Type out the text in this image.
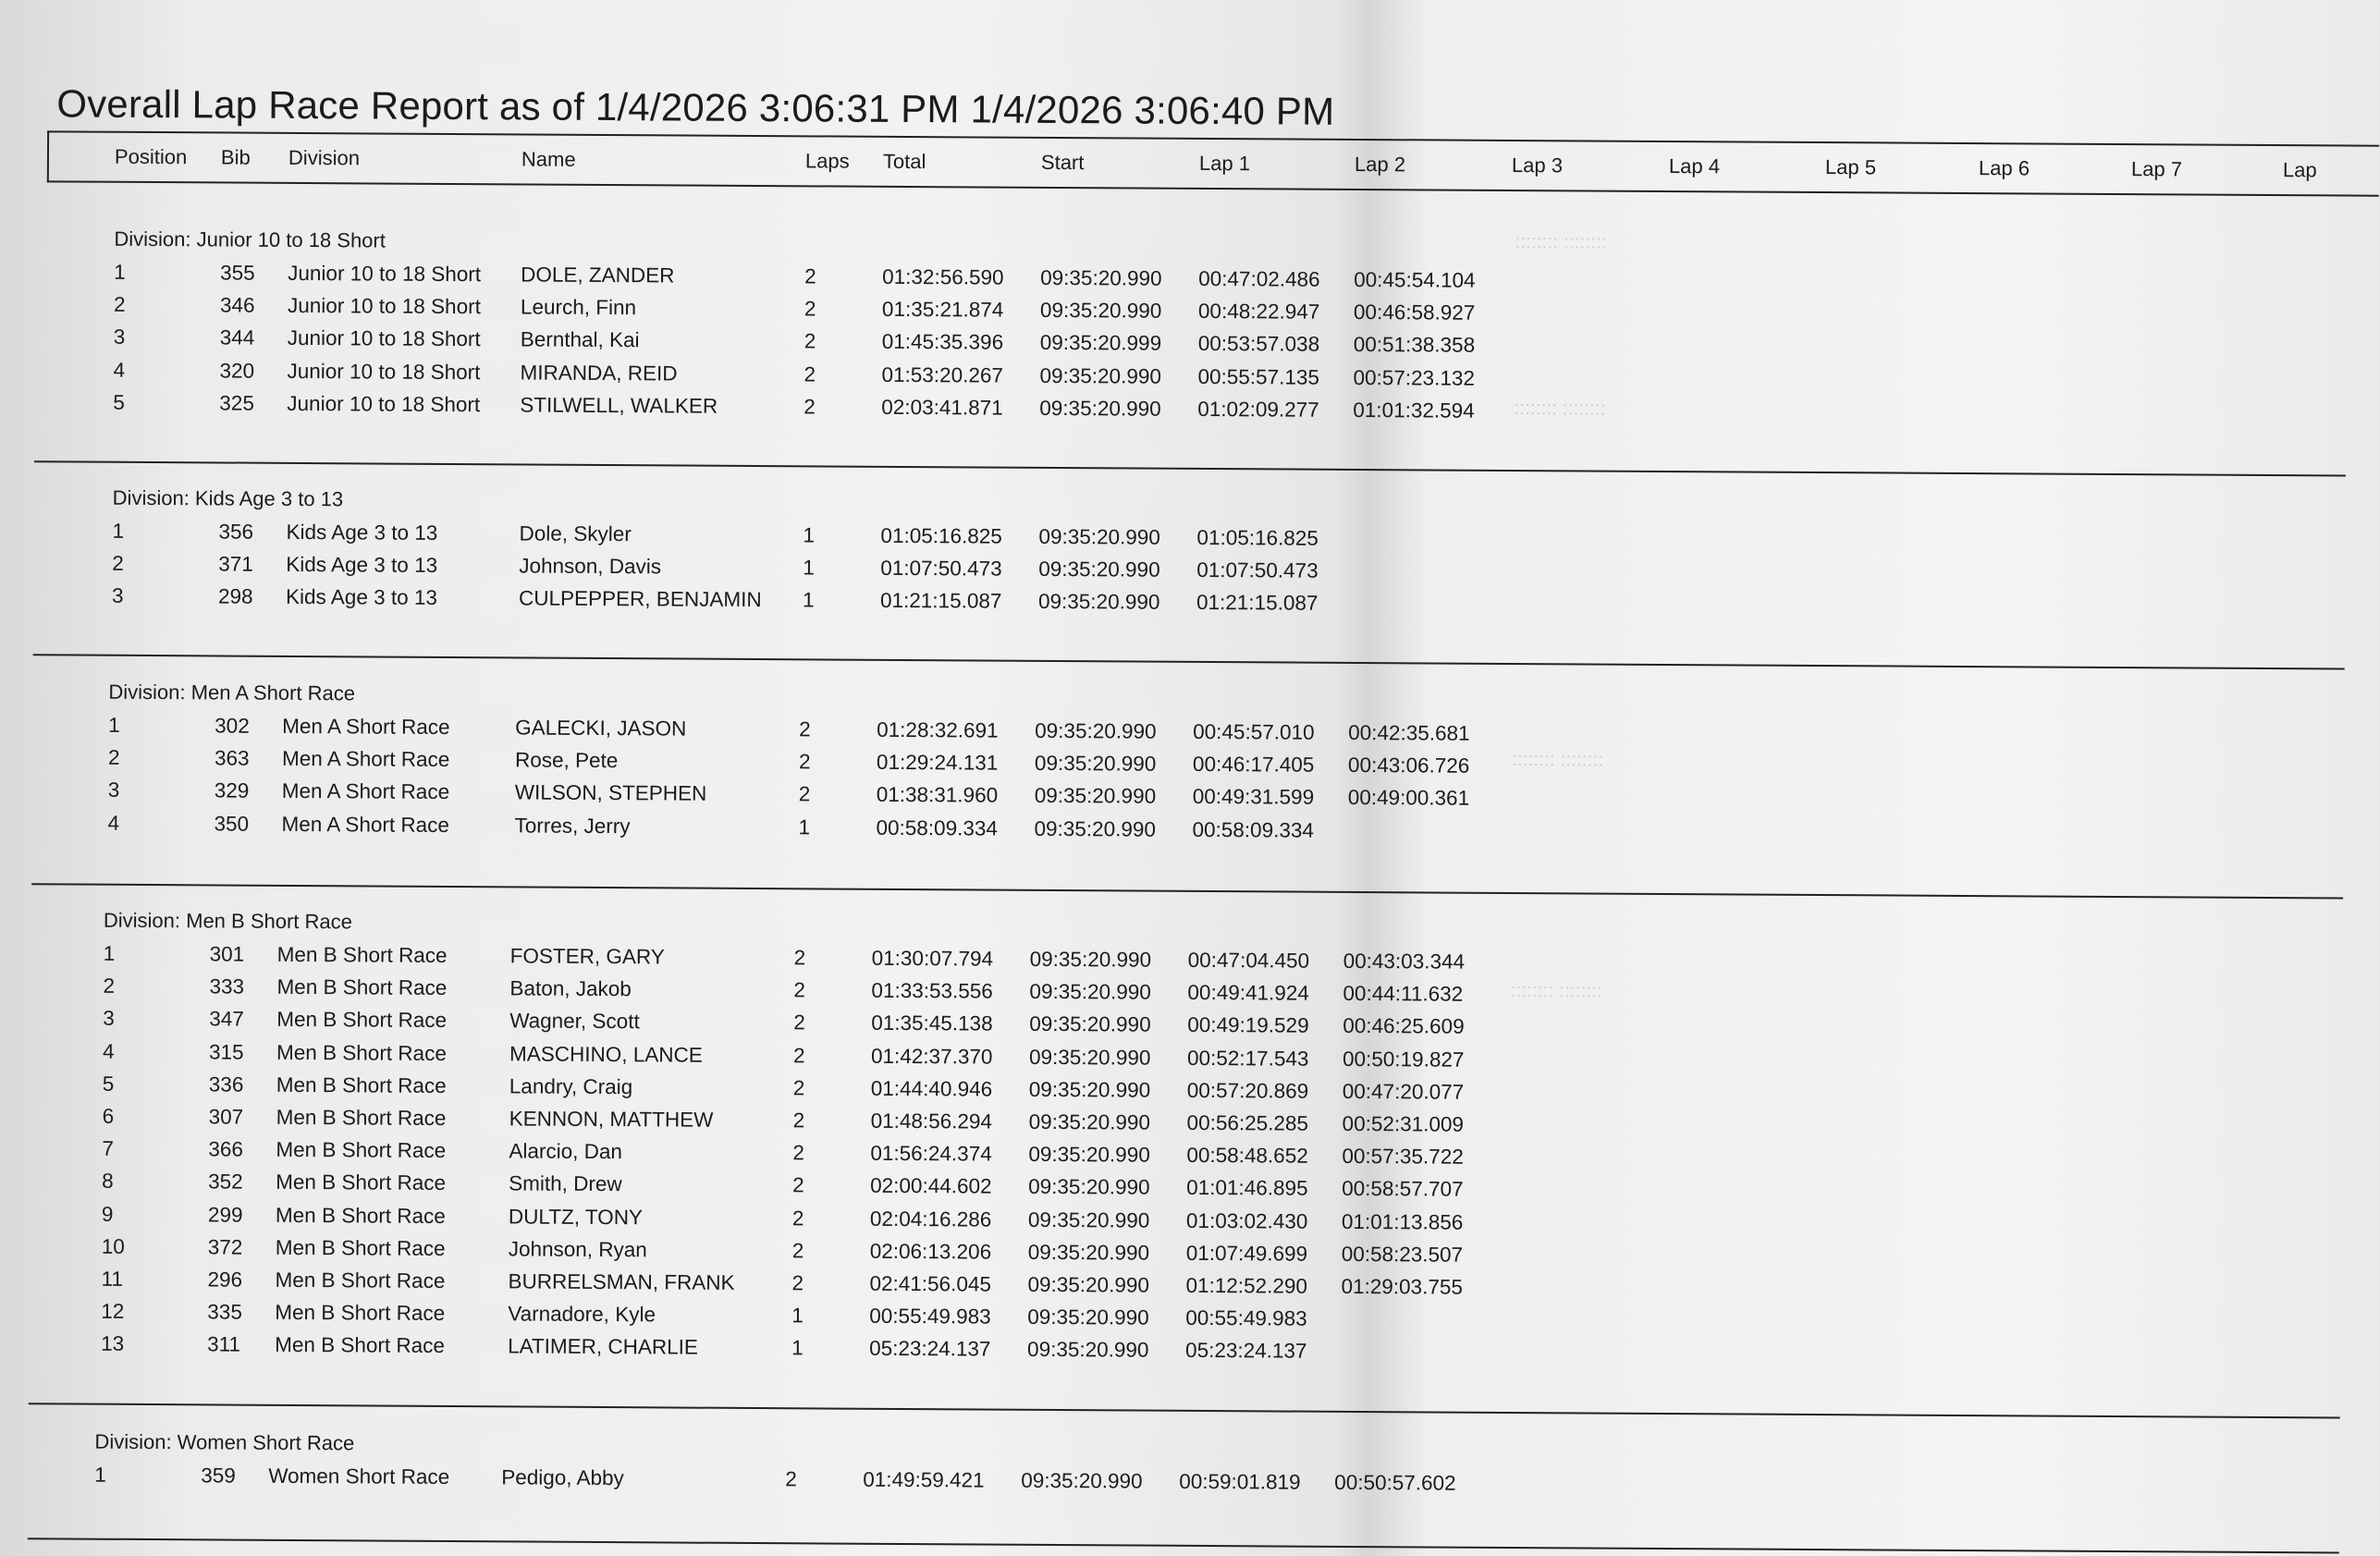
Overall Lap Race Report as of 1/4/2026 3:06:31 PM 1/4/2026 3:06:40 PM
Position Bib Division	Name	Laps Total	Start	Lap 1	Lap 2	Lap 3	Lap 4	Lap 5	Lap 6	Lap 7	Lap
Division: Junior 10 to 18 Short
1	355 Junior 10 to 18 Short DOLE, ZANDER	2	01:32:56.590 09:35:20.990 00:47:02.486 00:45:54.104
2	346 Junior 10 to 18 Short Leurch, Finn	2	01:35:21.874 09:35:20.990 00:48:22.947 00:46:58.927
3	344 Junior 10 to 18 Short Bernthal, Kai	2	01:45:35.396 09:35:20.999 00:53:57.038 00:51:38.358
4	320 Junior 10 to 18 Short MIRANDA, REID	2	01:53:20.267 09:35:20.990 00:55:57.135 00:57:23.132
5	325 Junior 10 to 18 Short STILWELL, WALKER	2	02:03:41.871 09:35:20.990 01:02:09.277 01:01:32.594
Division: Kids Age 3 to 13
1	356 Kids Age 3 to 13	Dole, Skyler	1	01:05:16.825 09:35:20.990 01:05:16.825
2	371 Kids Age 3 to 13	Johnson, Davis	1	01:07:50.473 09:35:20.990 01:07:50.473
3	298 Kids Age 3 to 13	CULPEPPER, BENJAMIN 1	01:21:15.087 09:35:20.990 01:21:15.087
Division: Men A Short Race
1	302 Men A Short Race	GALECKI, JASON	2	01:28:32.691 09:35:20.990 00:45:57.010 00:42:35.681
2	363 Men A Short Race	Rose, Pete	2	01:29:24.131 09:35:20.990 00:46:17.405 00:43:06.726
3	329 Men A Short Race	WILSON, STEPHEN	2	01:38:31.960 09:35:20.990 00:49:31.599 00:49:00.361
4	350 Men A Short Race	Torres, Jerry	1	00:58:09.334 09:35:20.990 00:58:09.334
Division: Men B Short Race
1	301 Men B Short Race	FOSTER, GARY	2	01:30:07.794 09:35:20.990 00:47:04.450 00:43:03.344
2	333 Men B Short Race	Baton, Jakob	2	01:33:53.556 09:35:20.990 00:49:41.924 00:44:11.632
3	347 Men B Short Race	Wagner, Scott	2	01:35:45.138 09:35:20.990 00:49:19.529 00:46:25.609
4	315 Men B Short Race	MASCHINO, LANCE	2	01:42:37.370 09:35:20.990 00:52:17.543 00:50:19.827
5	336 Men B Short Race	Landry, Craig	2	01:44:40.946 09:35:20.990 00:57:20.869 00:47:20.077
6	307 Men B Short Race	KENNON, MATTHEW	2	01:48:56.294 09:35:20.990 00:56:25.285 00:52:31.009
7	366 Men B Short Race	Alarcio, Dan	2	01:56:24.374 09:35:20.990 00:58:48.652 00:57:35.722
8	352 Men B Short Race	Smith, Drew	2	02:00:44.602 09:35:20.990 01:01:46.895 00:58:57.707
9	299 Men B Short Race	DULTZ, TONY	2	02:04:16.286 09:35:20.990 01:03:02.430 01:01:13.856
10	372 Men B Short Race	Johnson, Ryan	2	02:06:13.206 09:35:20.990 01:07:49.699 00:58:23.507
11	296 Men B Short Race	BURRELSMAN, FRANK	2	02:41:56.045 09:35:20.990 01:12:52.290 01:29:03.755
12	335 Men B Short Race	Varnadore, Kyle	1	00:55:49.983 09:35:20.990 00:55:49.983
13	311 Men B Short Race	LATIMER, CHARLIE	1	05:23:24.137 09:35:20.990 05:23:24.137
Division: Women Short Race
1	359 Women Short Race Pedigo, Abby	2	01:49:59.421 09:35:20.990 00:59:01.819 00:50:57.602
:::::::: ::::::::
:::::::: ::::::::
:::::::: ::::::::
:::::::: ::::::::
